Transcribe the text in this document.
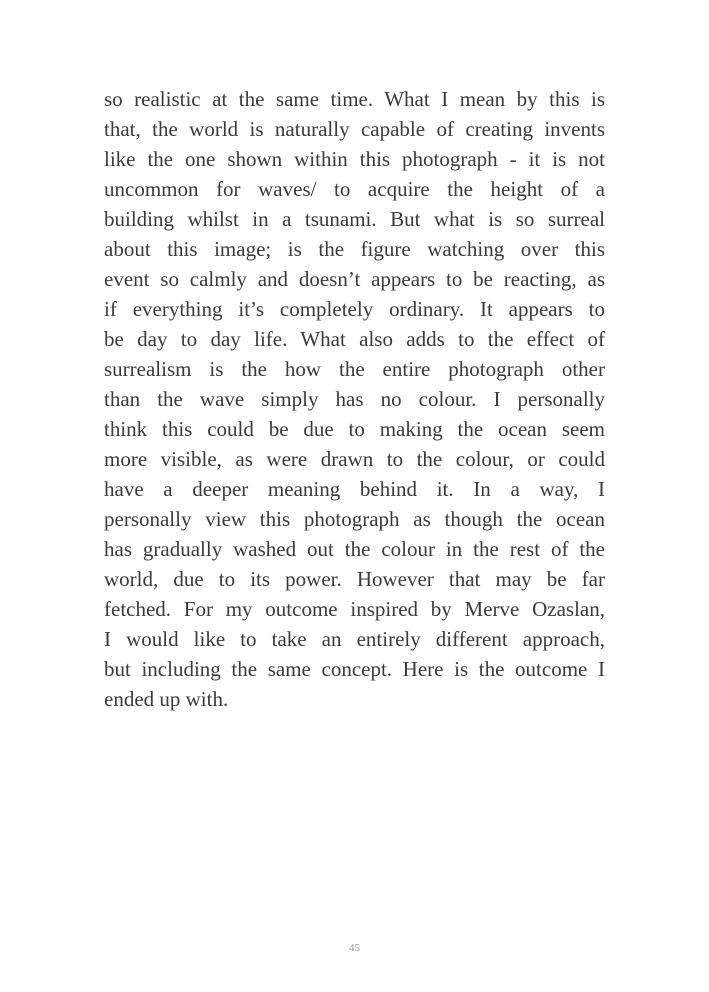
so realistic at the same time. What I mean by this is
that, the world is naturally capable of creating invents
like the one shown within this photograph - it is not
uncommon for waves/ to acquire the height of a
building whilst in a tsunami. But what is so surreal
about this image; is the figure watching over this
event so calmly and doesn’t appears to be reacting, as
if everything it’s completely ordinary. It appears to
be day to day life. What also adds to the effect of
surrealism is the how the entire photograph other
than the wave simply has no colour. I personally
think this could be due to making the ocean seem
more visible, as were drawn to the colour, or could
have a deeper meaning behind it. In a way, I
personally view this photograph as though the ocean
has gradually washed out the colour in the rest of the
world, due to its power. However that may be far
fetched. For my outcome inspired by Merve Ozaslan,
I would like to take an entirely different approach,
but including the same concept. Here is the outcome I
ended up with.
45
